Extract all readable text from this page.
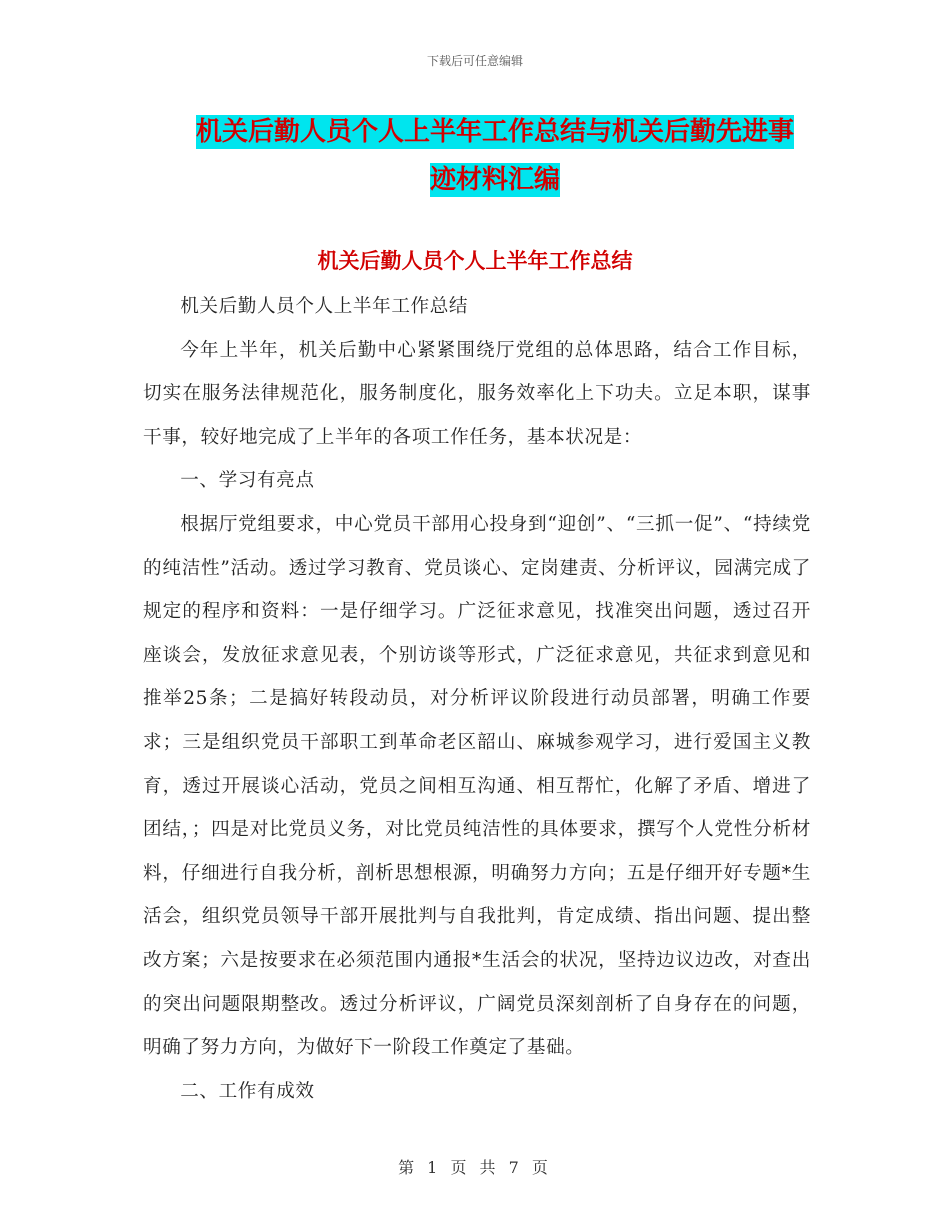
下载后可任意编辑
机关后勤人员个人上半年工作总结与机关后勤先进事
迹材料汇编
机关后勤人员个人上半年工作总结

机关后勤人员个人上半年工作总结

今年上半年，机关后勤中心紧紧围绕厅党组的总体思路，结合工作目标，切实在服务法律规范化，服务制度化，服务效率化上下功夫。立足本职，谋事干事，较好地完成了上半年的各项工作任务，基本状况是：

一、学习有亮点

根据厅党组要求，中心党员干部用心投身到“迎创”、“三抓一促”、“持续党的纯洁性”活动。透过学习教育、党员谈心、定岗建责、分析评议，园满完成了规定的程序和资料：一是仔细学习。广泛征求意见，找准突出问题，透过召开座谈会，发放征求意见表，个别访谈等形式，广泛征求意见，共征求到意见和推举25条；二是搞好转段动员，对分析评议阶段进行动员部署，明确工作要求；三是组织党员干部职工到革命老区韶山、麻城参观学习，进行爱国主义教育，透过开展谈心活动，党员之间相互沟通、相互帮忙，化解了矛盾、增进了团结，；四是对比党员义务，对比党员纯洁性的具体要求，撰写个人党性分析材料，仔细进行自我分析，剖析思想根源，明确努力方向；五是仔细开好专题*生活会，组织党员领导干部开展批判与自我批判，肯定成绩、指出问题、提出整改方案；六是按要求在必须范围内通报*生活会的状况，坚持边议边改，对查出的突出问题限期整改。透过分析评议，广阔党员深刻剖析了自身存在的问题，明确了努力方向，为做好下一阶段工作奠定了基础。

二、工作有成效

第 1 页 共 7 页
